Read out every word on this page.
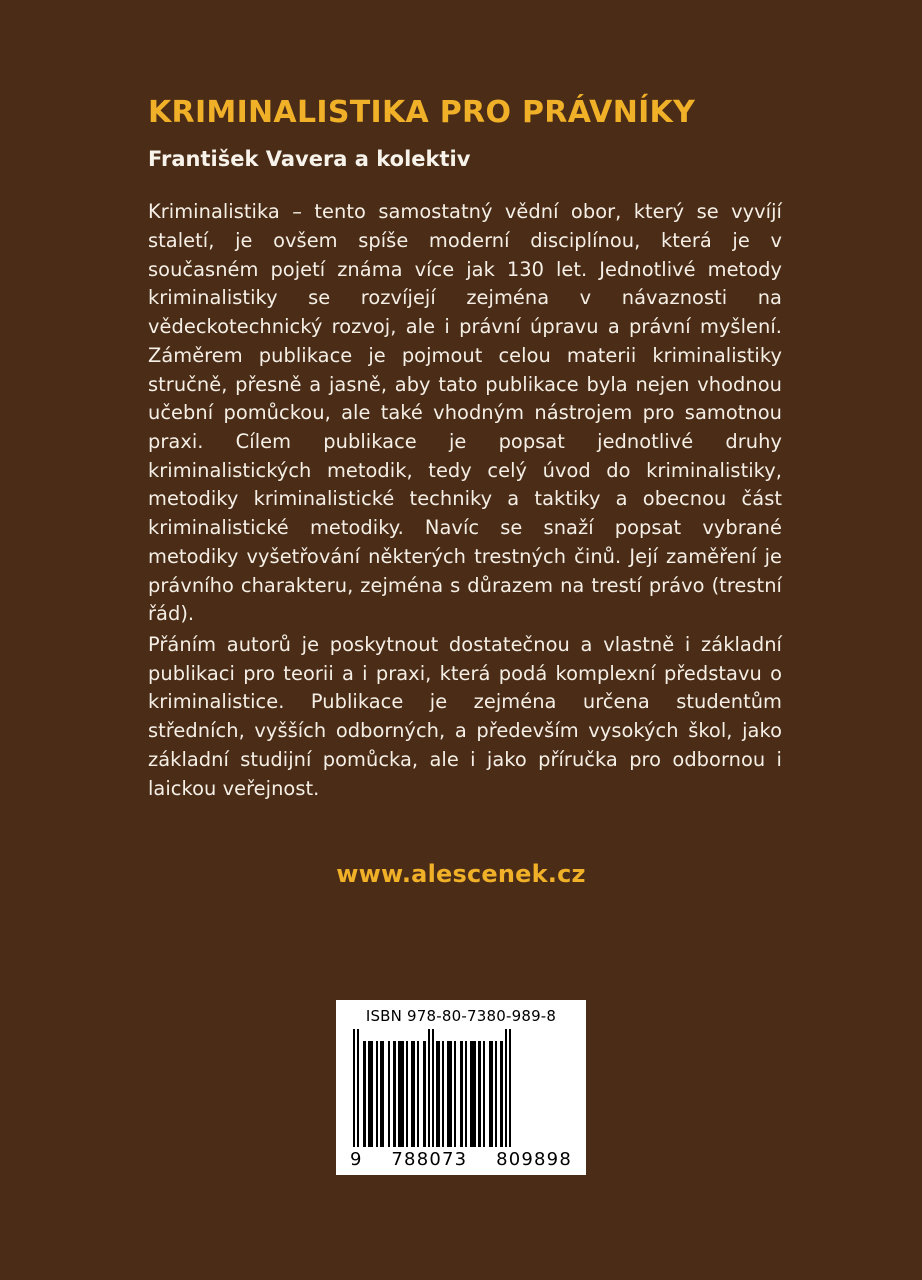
KRIMINALISTIKA PRO PRÁVNÍKY
František Vavera a kolektiv

Kriminalistika – tento samostatný vědní obor, který se vyvíjí staletí, je ovšem spíše moderní disciplínou, která je v současném pojetí známa více jak 130 let. Jednotlivé metody kriminalistiky se rozvíjejí zejména v návaznosti na vědeckotechnický rozvoj, ale i právní úpravu a právní myšlení. Záměrem publikace je pojmout celou materii kriminalistiky stručně, přesně a jasně, aby tato publikace byla nejen vhodnou učební pomůckou, ale také vhodným nástrojem pro samotnou praxi. Cílem publikace je popsat jednotlivé druhy kriminalistických metodik, tedy celý úvod do kriminalistiky, metodiky kriminalistické techniky a taktiky a obecnou část kriminalistické metodiky. Navíc se snaží popsat vybrané metodiky vyšetřování některých trestných činů. Její zaměření je právního charakteru, zejména s důrazem na trestí právo (trestní řád).

Přáním autorů je poskytnout dostatečnou a vlastně i základní publikaci pro teorii a i praxi, která podá komplexní představu o kriminalistice. Publikace je zejména určena studentům středních, vyšších odborných, a především vysokých škol, jako základní studijní pomůcka, ale i jako příručka pro odbornou i laickou veřejnost.

www.alescenek.cz
ISBN 978-80-7380-989-8
9 788073 809898
